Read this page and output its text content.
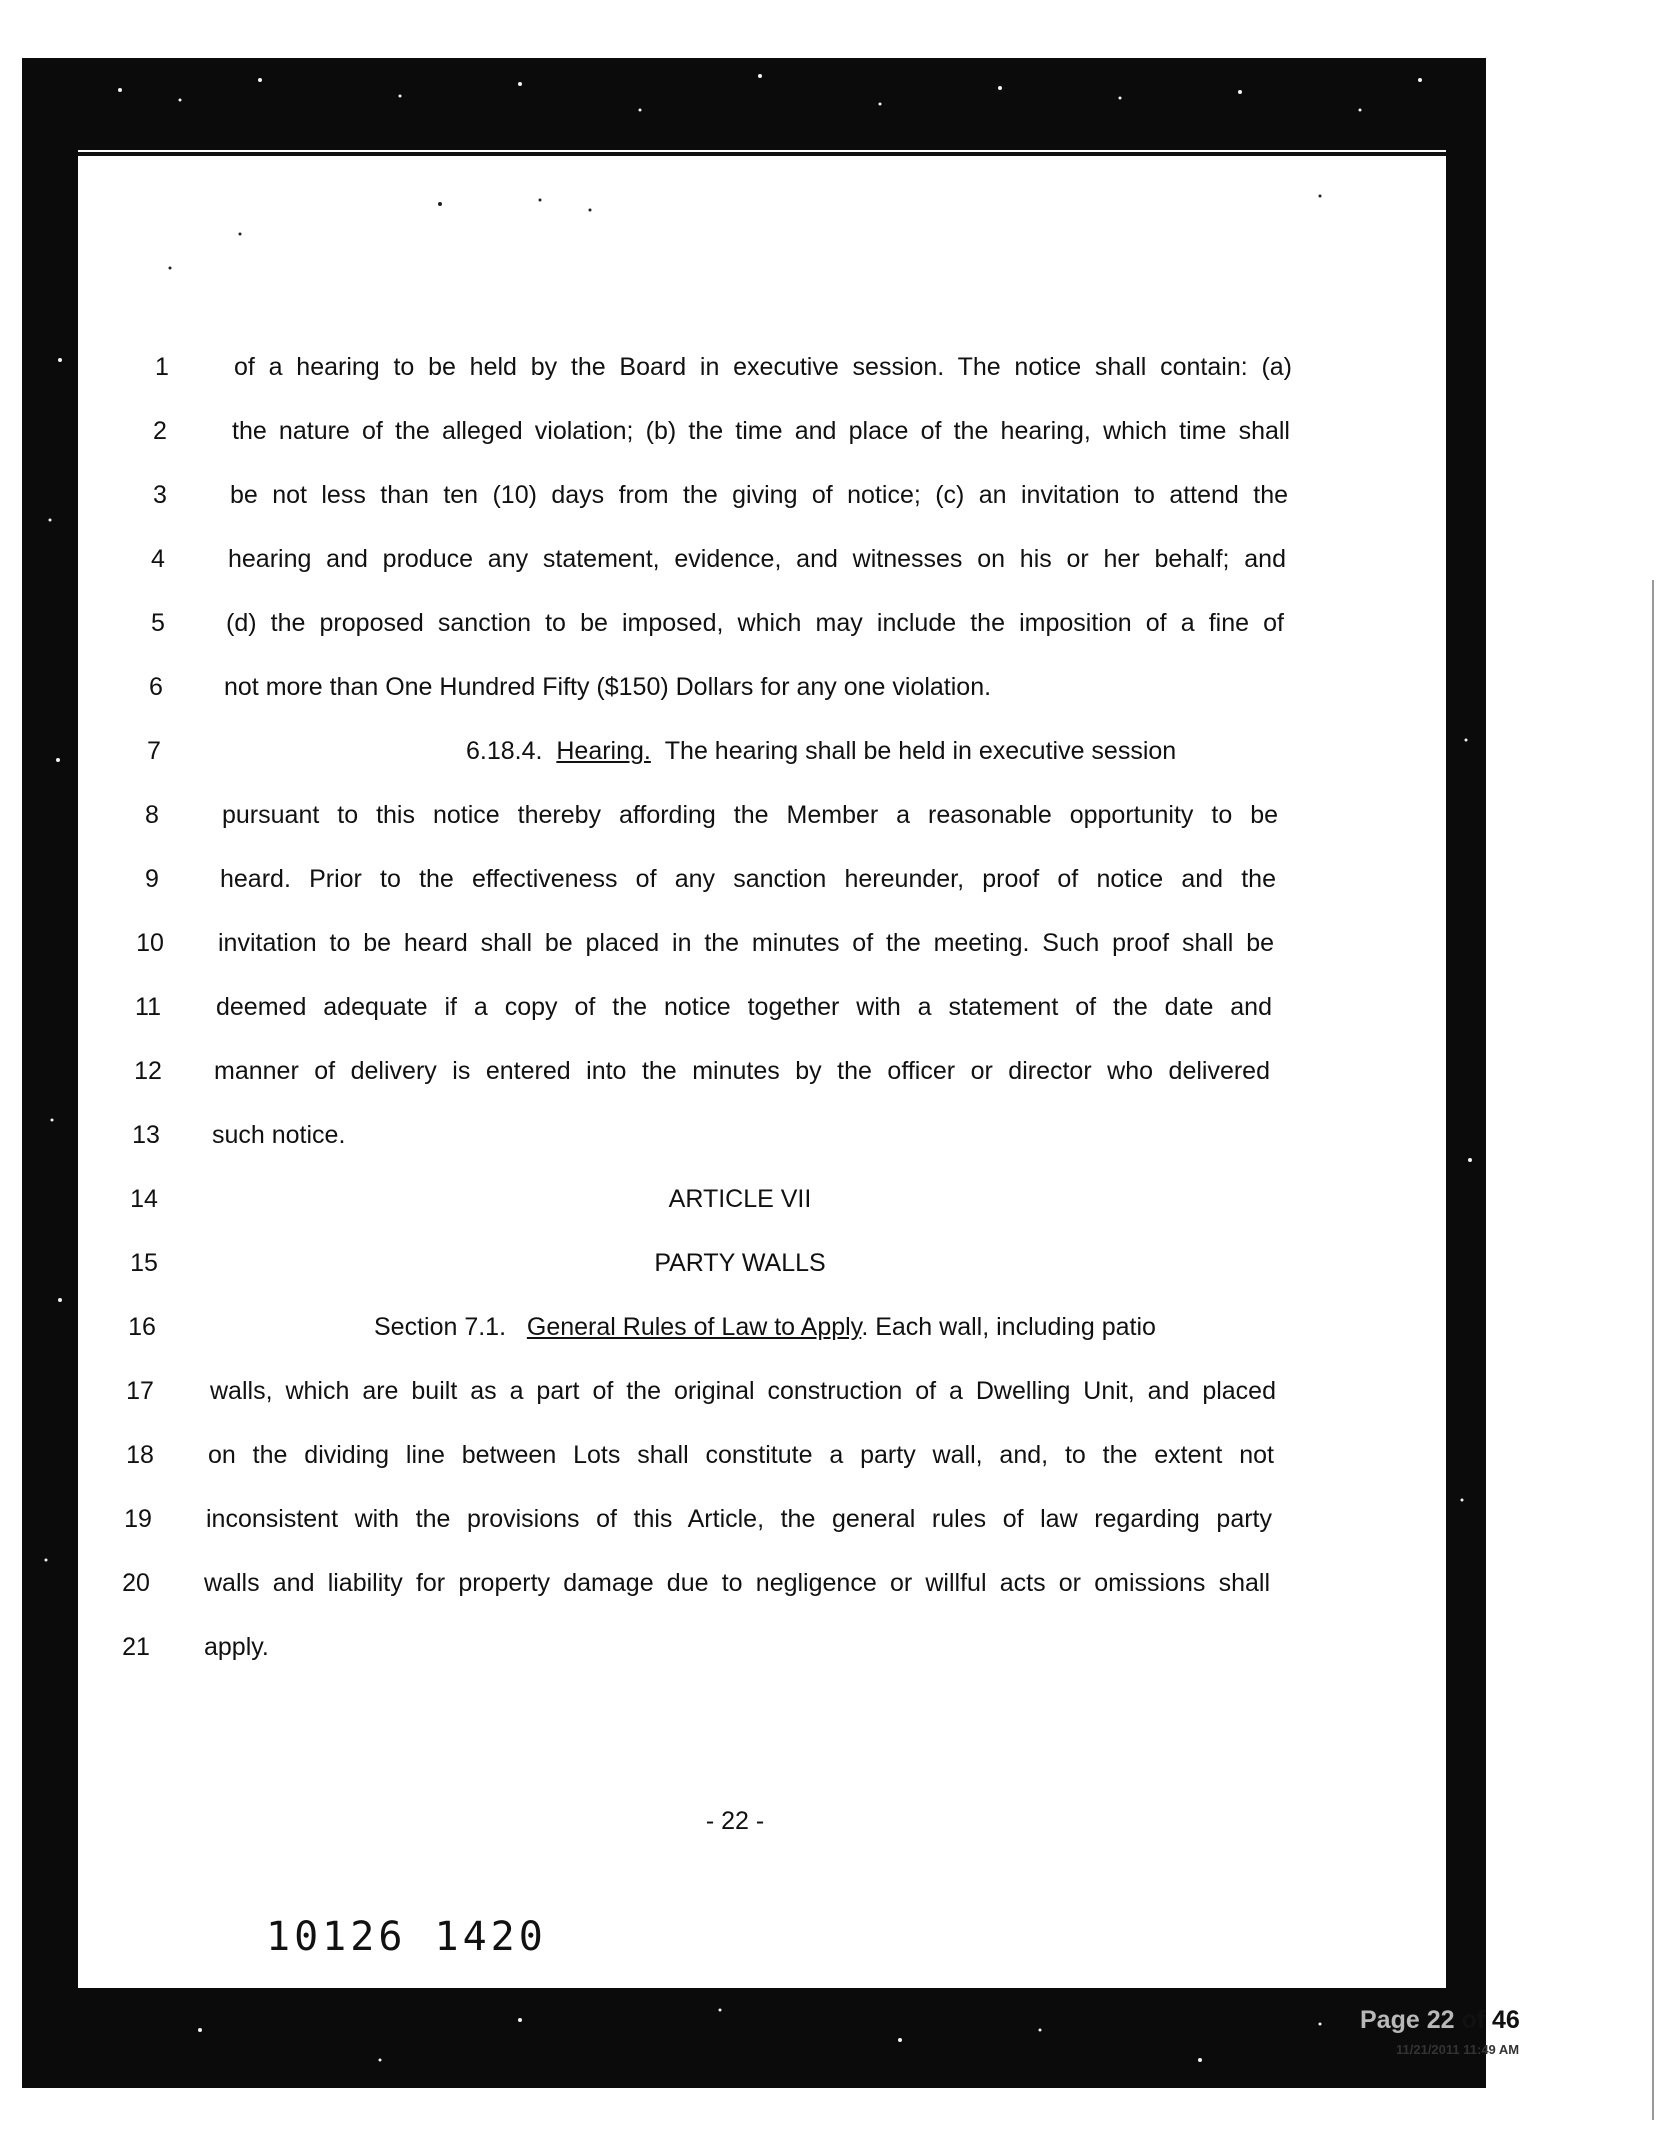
1
2
3
4
5
6
7
8
9
10
11
12
13
14
15
16
17
18
19
20
21
of a hearing to be held by the Board in executive session. The notice shall contain: (a)
the nature of the alleged violation; (b) the time and place of the hearing, which time shall
be not less than ten (10) days from the giving of notice; (c) an invitation to attend the
hearing and produce any statement, evidence, and witnesses on his or her behalf; and
(d) the proposed sanction to be imposed, which may include the imposition of a fine of
not more than One Hundred Fifty ($150) Dollars for any one violation.
6.18.4. Hearing. The hearing shall be held in executive session
pursuant to this notice thereby affording the Member a reasonable opportunity to be
heard. Prior to the effectiveness of any sanction hereunder, proof of notice and the
invitation to be heard shall be placed in the minutes of the meeting. Such proof shall be
deemed adequate if a copy of the notice together with a statement of the date and
manner of delivery is entered into the minutes by the officer or director who delivered
such notice.
ARTICLE VII
PARTY WALLS
Section 7.1. General Rules of Law to Apply. Each wall, including patio
walls, which are built as a part of the original construction of a Dwelling Unit, and placed
on the dividing line between Lots shall constitute a party wall, and, to the extent not
inconsistent with the provisions of this Article, the general rules of law regarding party
walls and liability for property damage due to negligence or willful acts or omissions shall
apply.
- 22 -
10126 1420
Page 22 of 46
11/21/2011 11:49 AM
